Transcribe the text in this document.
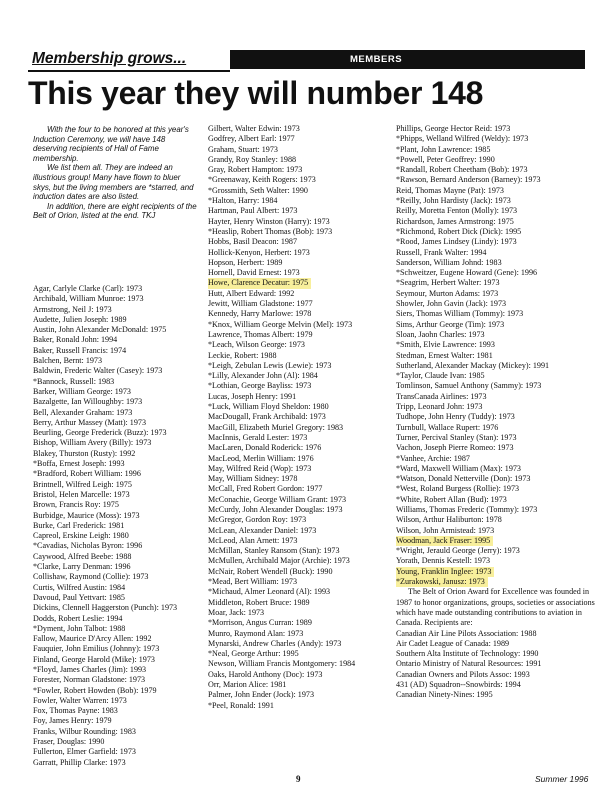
Membership grows...	MEMBERS
This year they will number 148

With the four to be honored at this year's Induction Ceremony, we will have 148 deserving recipients of Hall of Fame membership.

We list them all. They are indeed an illustrious group! Many have flown to bluer skys, but the living members are *starred, and induction dates are also listed.

In addition, there are eight recipients of the Belt of Orion, listed at the end. TKJ

Agar, Carlyle Clarke (Carl): 1973
Archibald, William Munroe: 1973
Armstrong, Neil J: 1973
Audette, Julien Joseph: 1989
Austin, John Alexander McDonald: 1975
Baker, Ronald John: 1994
Baker, Russell Francis: 1974
Balchen, Bernt: 1973
Baldwin, Frederic Walter (Casey): 1973
*Bannock, Russell: 1983
Barker, William George: 1973
Bazalgette, Ian Willoughby: 1973
Bell, Alexander Graham: 1973
Berry, Arthur Massey (Matt): 1973
Beurling, George Frederick (Buzz): 1973
Bishop, William Avery (Billy): 1973
Blakey, Thurston (Rusty): 1992
*Boffa, Ernest Joseph: 1993
*Bradford, Robert William: 1996
Brintnell, Wilfred Leigh: 1975
Bristol, Helen Marcelle: 1973
Brown, Francis Roy: 1975
Burbidge, Maurice (Moss): 1973
Burke, Carl Frederick: 1981
Capreol, Erskine Leigh: 1980
*Cavadias, Nicholas Byron: 1996
Caywood, Alfred Beebe: 1988
*Clarke, Larry Denman: 1996
Collishaw, Raymond (Collie): 1973
Curtis, Wilfred Austin: 1984
Davoud, Paul Yettvart: 1985
Dickins, Clennell Haggerston (Punch): 1973
Dodds, Robert Leslie: 1994
*Dyment, John Talbot: 1988
Fallow, Maurice D'Arcy Allen: 1992
Fauquier, John Emilius (Johnny): 1973
Finland, George Harold (Mike): 1973
*Floyd, James Charles (Jim): 1993
Forester, Norman Gladstone: 1973
*Fowler, Robert Howden (Bob): 1979
Fowler, Walter Warren: 1973
Fox, Thomas Payne: 1983
Foy, James Henry: 1979
Franks, Wilbur Rounding: 1983
Fraser, Douglas: 1990
Fullerton, Elmer Garfield: 1973
Garratt, Phillip Clarke: 1973
Gilbert, Walter Edwin: 1973
Godfrey, Albert Earl: 1977
Graham, Stuart: 1973
Grandy, Roy Stanley: 1988
Gray, Robert Hampton: 1973
*Greenaway, Keith Rogers: 1973
*Grossmith, Seth Walter: 1990
*Halton, Harry: 1984
Hartman, Paul Albert: 1973
Hayter, Henry Winston (Harry): 1973
*Heaslip, Robert Thomas (Bob): 1973
Hobbs, Basil Deacon: 1987
Hollick-Kenyon, Herbert: 1973
Hopson, Herbert: 1989
Hornell, David Ernest: 1973
Howe, Clarence Decatur: 1975
Hutt, Albert Edward: 1992
Jewitt, William Gladstone: 1977
Kennedy, Harry Marlowe: 1978
*Knox, William George Melvin (Mel): 1973
Lawrence, Thomas Albert: 1979
*Leach, Wilson George: 1973
Leckie, Robert: 1988
*Leigh, Zebulan Lewis (Lewie): 1973
*Lilly, Alexander John (Al): 1984
*Lothian, George Bayliss: 1973
Lucas, Joseph Henry: 1991
*Luck, William Floyd Sheldon: 1980
MacDougall, Frank Archibald: 1973
MacGill, Elizabeth Muriel Gregory: 1983
MacInnis, Gerald Lester: 1973
MacLaren, Donald Roderick: 1976
MacLeod, Merlin William: 1976
May, Wilfred Reid (Wop): 1973
May, William Sidney: 1978
McCall, Fred Robert Gordon: 1977
McConachie, George William Grant: 1973
McCurdy, John Alexander Douglas: 1973
McGregor, Gordon Roy: 1973
McLean, Alexander Daniel: 1973
McLeod, Alan Arnett: 1973
McMillan, Stanley Ransom (Stan): 1973
McMullen, Archibald Major (Archie): 1973
McNair, Robert Wendell (Buck): 1990
*Mead, Bert William: 1973
*Michaud, Almer Leonard (Al): 1993
Middleton, Robert Bruce: 1989
Moar, Jack: 1973
*Morrison, Angus Curran: 1989
Munro, Raymond Alan: 1973
Mynarski, Andrew Charles (Andy): 1973
*Neal, George Arthur: 1995
Newson, William Francis Montgomery: 1984
Oaks, Harold Anthony (Doc): 1973
Orr, Marion Alice: 1981
Palmer, John Ender (Jock): 1973
*Peel, Ronald: 1991
Phillips, George Hector Reid: 1973
*Phipps, Welland Wilfred (Weldy): 1973
*Plant, John Lawrence: 1985
*Powell, Peter Geoffrey: 1990
*Randall, Robert Cheetham (Bob): 1973
*Rawson, Bernard Anderson (Barney): 1973
Reid, Thomas Mayne (Pat): 1973
*Reilly, John Hardisty (Jack): 1973
Reilly, Moretta Fenton (Molly): 1973
Richardson, James Armstrong: 1975
*Richmond, Robert Dick (Dick): 1995
*Rood, James Lindsey (Lindy): 1973
Russell, Frank Walter: 1994
Sanderson, William Johnd: 1983
*Schweitzer, Eugene Howard (Gene): 1996
*Seagrim, Herbert Walter: 1973
Seymour, Murton Adams: 1973
Showler, John Gavin (Jack): 1973
Siers, Thomas William (Tommy): 1973
Sims, Arthur George (Tim): 1973
Sloan, Jaohn Charles: 1973
*Smith, Elvie Lawrence: 1993
Stedman, Ernest Walter: 1981
Sutherland, Alexander Mackay (Mickey): 1991
*Taylor, Claude Ivan: 1985
Tomlinson, Samuel Anthony (Sammy): 1973
TransCanada Airlines: 1973
Tripp, Leonard John: 1973
Tudhope, John Henry (Tuddy): 1973
Turnbull, Wallace Rupert: 1976
Turner, Percival Stanley (Stan): 1973
Vachon, Joseph Pierre Romeo: 1973
*Vanhee, Archie: 1987
*Ward, Maxwell William (Max): 1973
*Watson, Donald Netterville (Don): 1973
*West, Roland Burgess (Rollie): 1973
*White, Robert Allan (Bud): 1973
Williams, Thomas Frederic (Tommy): 1973
Wilson, Arthur Haliburton: 1978
Wilson, John Armistead: 1973
Woodman, Jack Fraser: 1995
*Wright, Jerauld George (Jerry): 1973
Yorath, Dennis Kestell: 1973
Young, Franklin Inglee: 1973
*Zurakowski, Janusz: 1973
The Belt of Orion Award for Excellence was founded in 1987 to honor organizations, groups, societies or associations which have made outstanding contributions to aviation in Canada. Recipients are:
Canadian Air Line Pilots Association: 1988
Air Cadet League of Canada: 1989
Southern Alta Institute of Technology: 1990
Ontario Ministry of Natural Resources: 1991
Canadian Owners and Pilots Assoc: 1993
431 (AD) Squadron--Snowbirds: 1994
Canadian Ninety-Nines: 1995
9	Summer 1996
